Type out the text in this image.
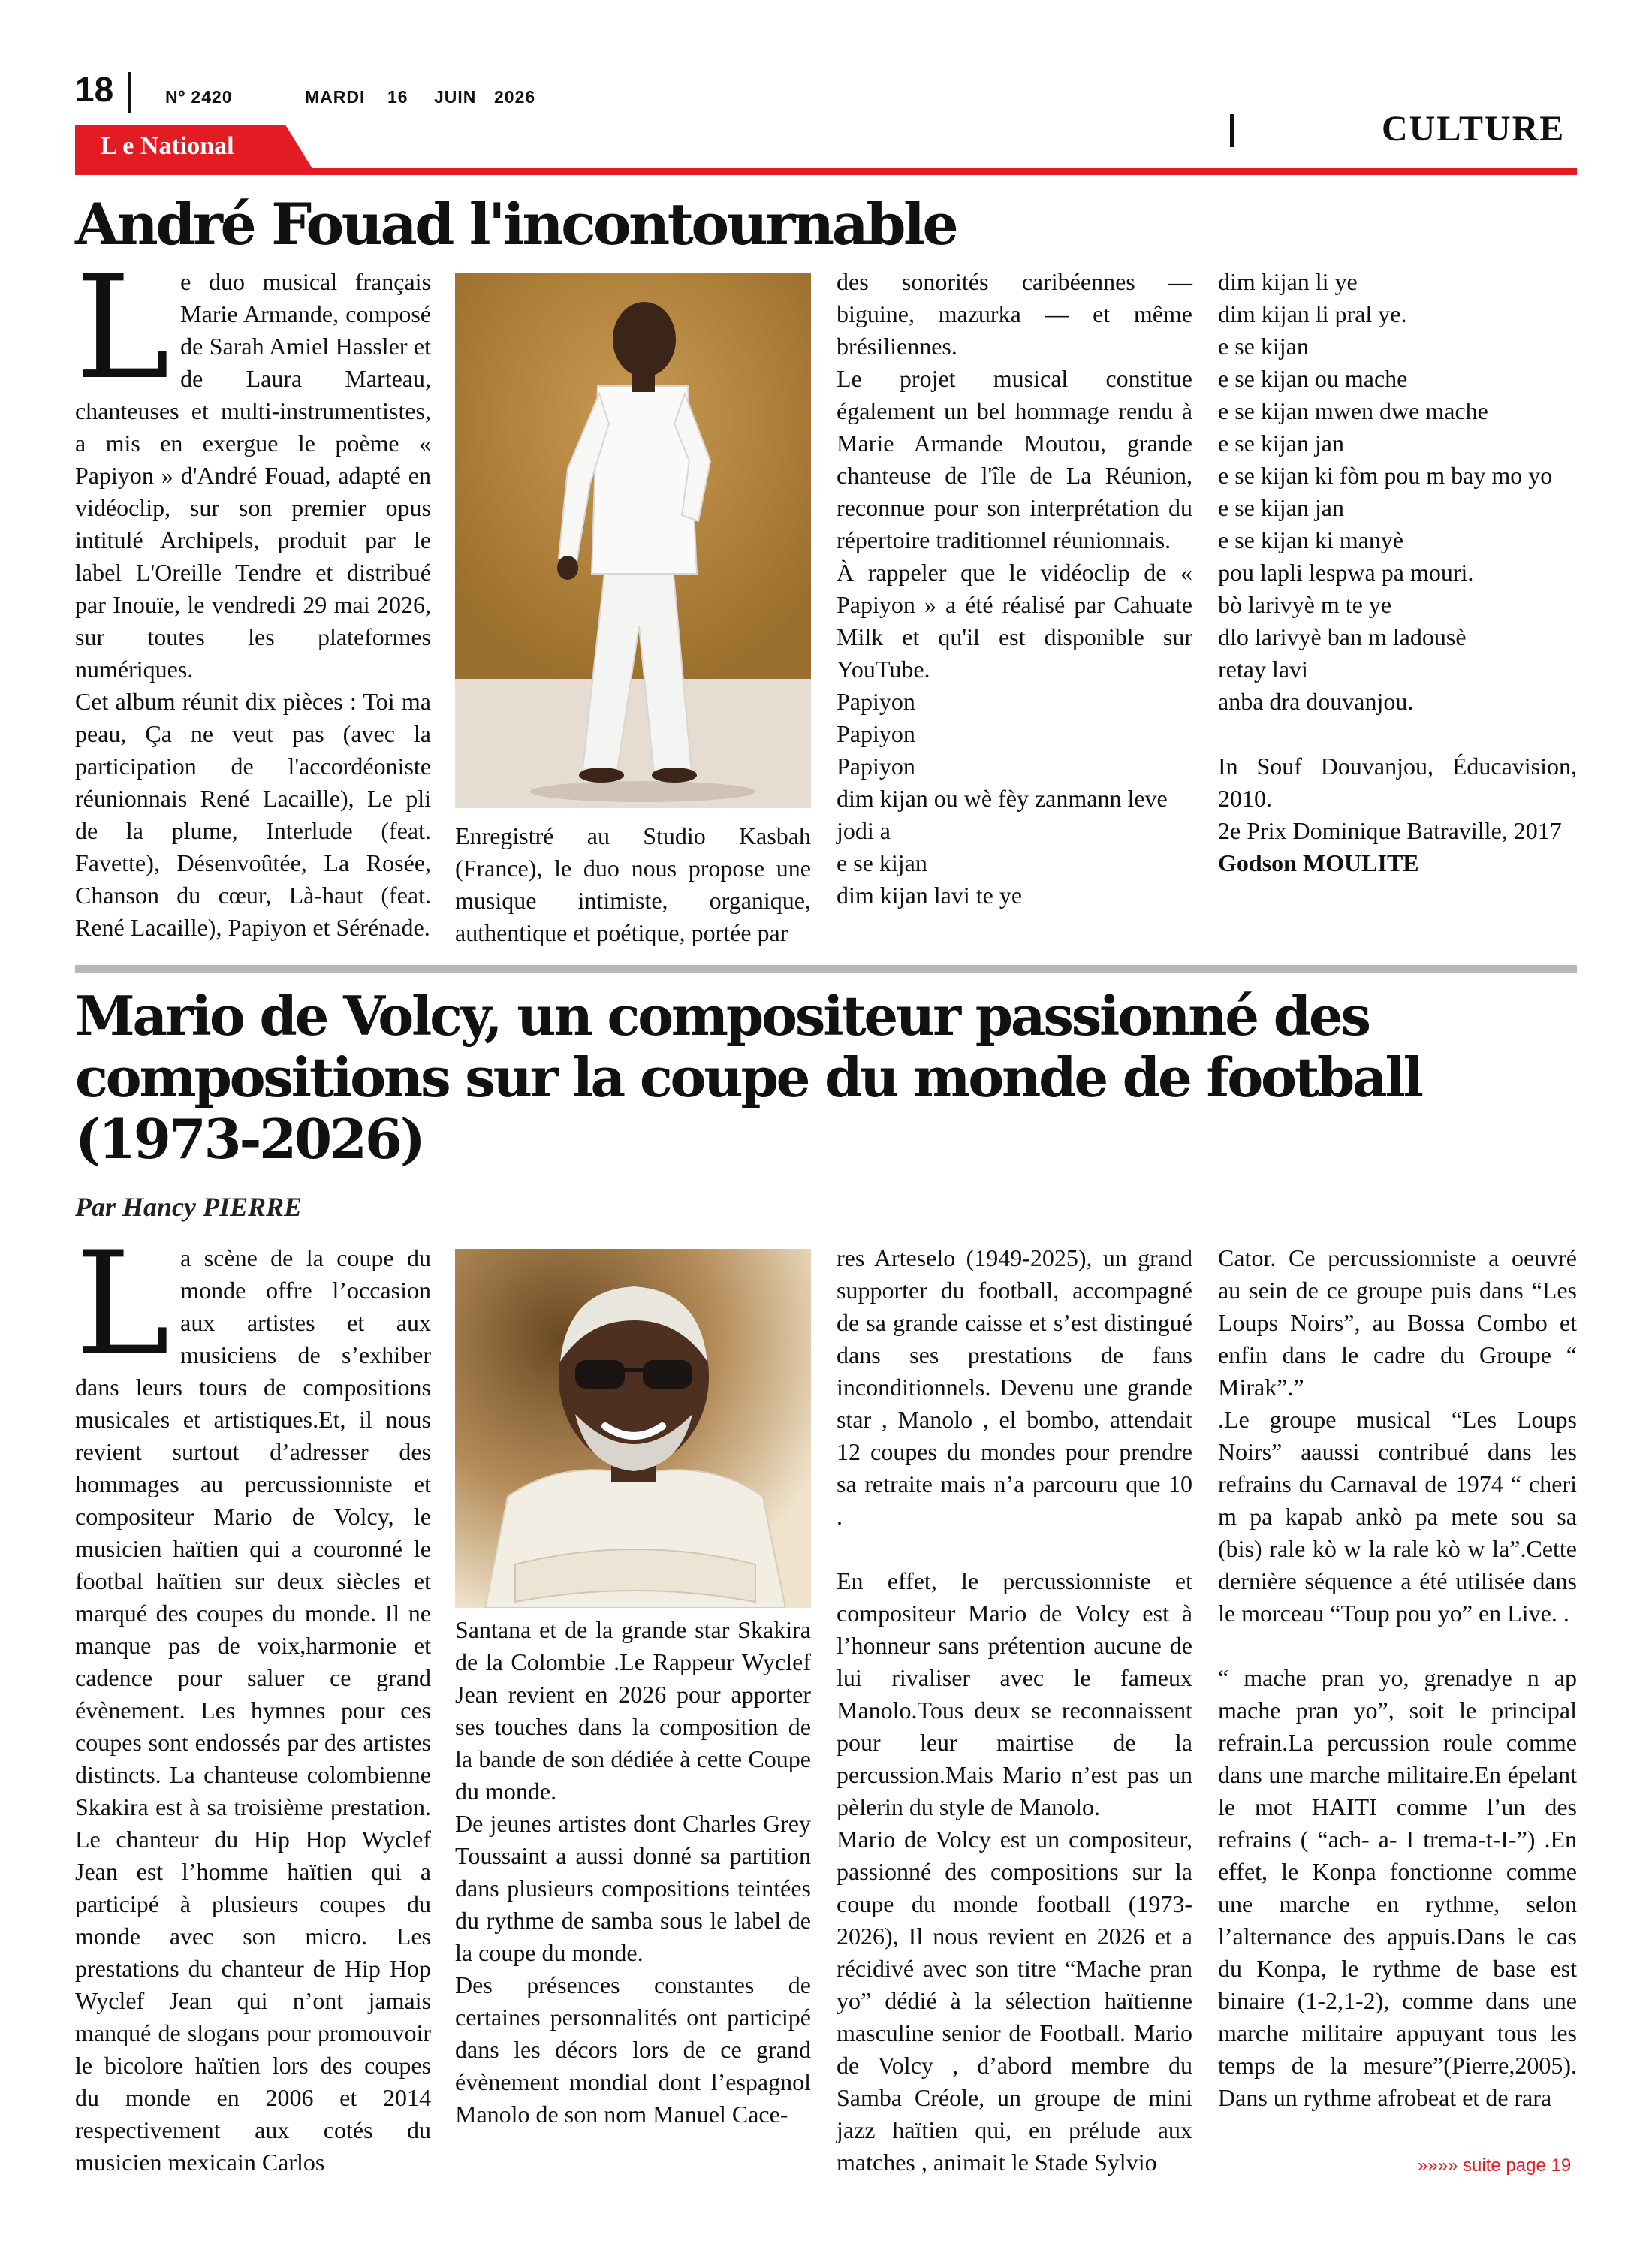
18	Nº 2420	MARDI 16 JUIN 2026
L e National	CULTURE
André Fouad l'incontournable
L e duo musical français Marie Armande, composé de Sarah Amiel Hassler et de Laura Marteau, chanteuses et multi-instrumentistes, a mis en exergue le poème « Papiyon » d'André Fouad, adapté en vidéoclip, sur son premier opus intitulé Archipels, produit par le label L'Oreille Tendre et distribué par Inouïe, le vendredi 29 mai 2026, sur toutes les plateformes numériques.

Cet album réunit dix pièces : Toi ma peau, Ça ne veut pas (avec la participation de l'accordéoniste réunionnais René Lacaille), Le pli de la plume, Interlude (feat. Favette), Désenvoûtée, La Rosée, Chanson du cœur, Là-haut (feat. René Lacaille), Papiyon et Sérénade.

Enregistré au Studio Kasbah (France), le duo nous propose une musique intimiste, organique, authentique et poétique, portée par

des sonorités caribéennes — biguine, mazurka — et même brésiliennes.

Le projet musical constitue également un bel hommage rendu à Marie Armande Moutou, grande chanteuse de l'île de La Réunion, reconnue pour son interprétation du répertoire traditionnel réunionnais.

À rappeler que le vidéoclip de « Papiyon » a été réalisé par Cahuate Milk et qu'il est disponible sur YouTube.

Papiyon

Papiyon

Papiyon

dim kijan ou wè fèy zanmann leve jodi a

e se kijan

dim kijan lavi te ye

dim kijan li ye

dim kijan li pral ye.

e se kijan

e se kijan ou mache

e se kijan mwen dwe mache

e se kijan jan

e se kijan ki fòm pou m bay mo yo

e se kijan jan

e se kijan ki manyè

pou lapli lespwa pa mouri.

bò larivyè m te ye

dlo larivyè ban m ladousè

retay lavi

anba dra douvanjou.

In Souf Douvanjou, Éducavision, 2010.

2e Prix Dominique Batraville, 2017

Godson MOULITE

Mario de Volcy, un compositeur passionné des compositions sur la coupe du monde de football (1973-2026)
Par Hancy PIERRE
L a scène de la coupe du monde offre l’occasion aux artistes et aux musiciens de s’exhiber dans leurs tours de compositions musicales et artistiques.Et, il nous revient surtout d’adresser des hommages au percussionniste et compositeur Mario de Volcy, le musicien haïtien qui a couronné le footbal haïtien sur deux siècles et marqué des coupes du monde. Il ne manque pas de voix,harmonie et cadence pour saluer ce grand évènement. Les hymnes pour ces coupes sont endossés par des artistes distincts. La chanteuse colombienne Skakira est à sa troisième prestation. Le chanteur du Hip Hop Wyclef Jean est l’homme haïtien qui a participé à plusieurs coupes du monde avec son micro. Les prestations du chanteur de Hip Hop Wyclef Jean qui n’ont jamais manqué de slogans pour promouvoir le bicolore haïtien lors des coupes du monde en 2006 et 2014 respectivement aux cotés du musicien mexicain Carlos

Santana et de la grande star Skakira de la Colombie .Le Rappeur Wyclef Jean revient en 2026 pour apporter ses touches dans la composition de la bande de son dédiée à cette Coupe du monde.

De jeunes artistes dont Charles Grey Toussaint a aussi donné sa partition dans plusieurs compositions teintées du rythme de samba sous le label de la coupe du monde.

Des présences constantes de certaines personnalités ont participé dans les décors lors de ce grand évènement mondial dont l’espagnol Manolo de son nom Manuel Cace-

res Arteselo (1949-2025), un grand supporter du football, accompagné de sa grande caisse et s’est distingué dans ses prestations de fans inconditionnels. Devenu une grande star , Manolo , el bombo, attendait 12 coupes du mondes pour prendre sa retraite mais n’a parcouru que 10 .

En effet, le percussionniste et compositeur Mario de Volcy est à l’honneur sans prétention aucune de lui rivaliser avec le fameux Manolo.Tous deux se reconnaissent pour leur mairtise de la percussion.Mais Mario n’est pas un pèlerin du style de Manolo.

Mario de Volcy est un compositeur, passionné des compositions sur la coupe du monde football (1973-2026), Il nous revient en 2026 et a récidivé avec son titre “Mache pran yo” dédié à la sélection haïtienne masculine senior de Football. Mario de Volcy , d’abord membre du Samba Créole, un groupe de mini jazz haïtien qui, en prélude aux matches , animait le Stade Sylvio

Cator. Ce percussionniste a oeuvré au sein de ce groupe puis dans “Les Loups Noirs”, au Bossa Combo et enfin dans le cadre du Groupe “ Mirak”.”

.Le groupe musical “Les Loups Noirs” aaussi contribué dans les refrains du Carnaval de 1974 “ cheri m pa kapab ankò pa mete sou sa (bis) rale kò w la rale kò w la”.Cette dernière séquence a été utilisée dans le morceau “Toup pou yo” en Live. .

“ mache pran yo, grenadye n ap mache pran yo”, soit le principal refrain.La percussion roule comme dans une marche militaire.En épelant le mot HAITI comme l’un des refrains ( “ach- a- I trema-t-I-”) .En effet, le Konpa fonctionne comme une marche en rythme, selon l’alternance des appuis.Dans le cas du Konpa, le rythme de base est binaire (1-2,1-2), comme dans une marche militaire appuyant tous les temps de la mesure”(Pierre,2005). Dans un rythme afrobeat et de rara

»»»» suite page 19
